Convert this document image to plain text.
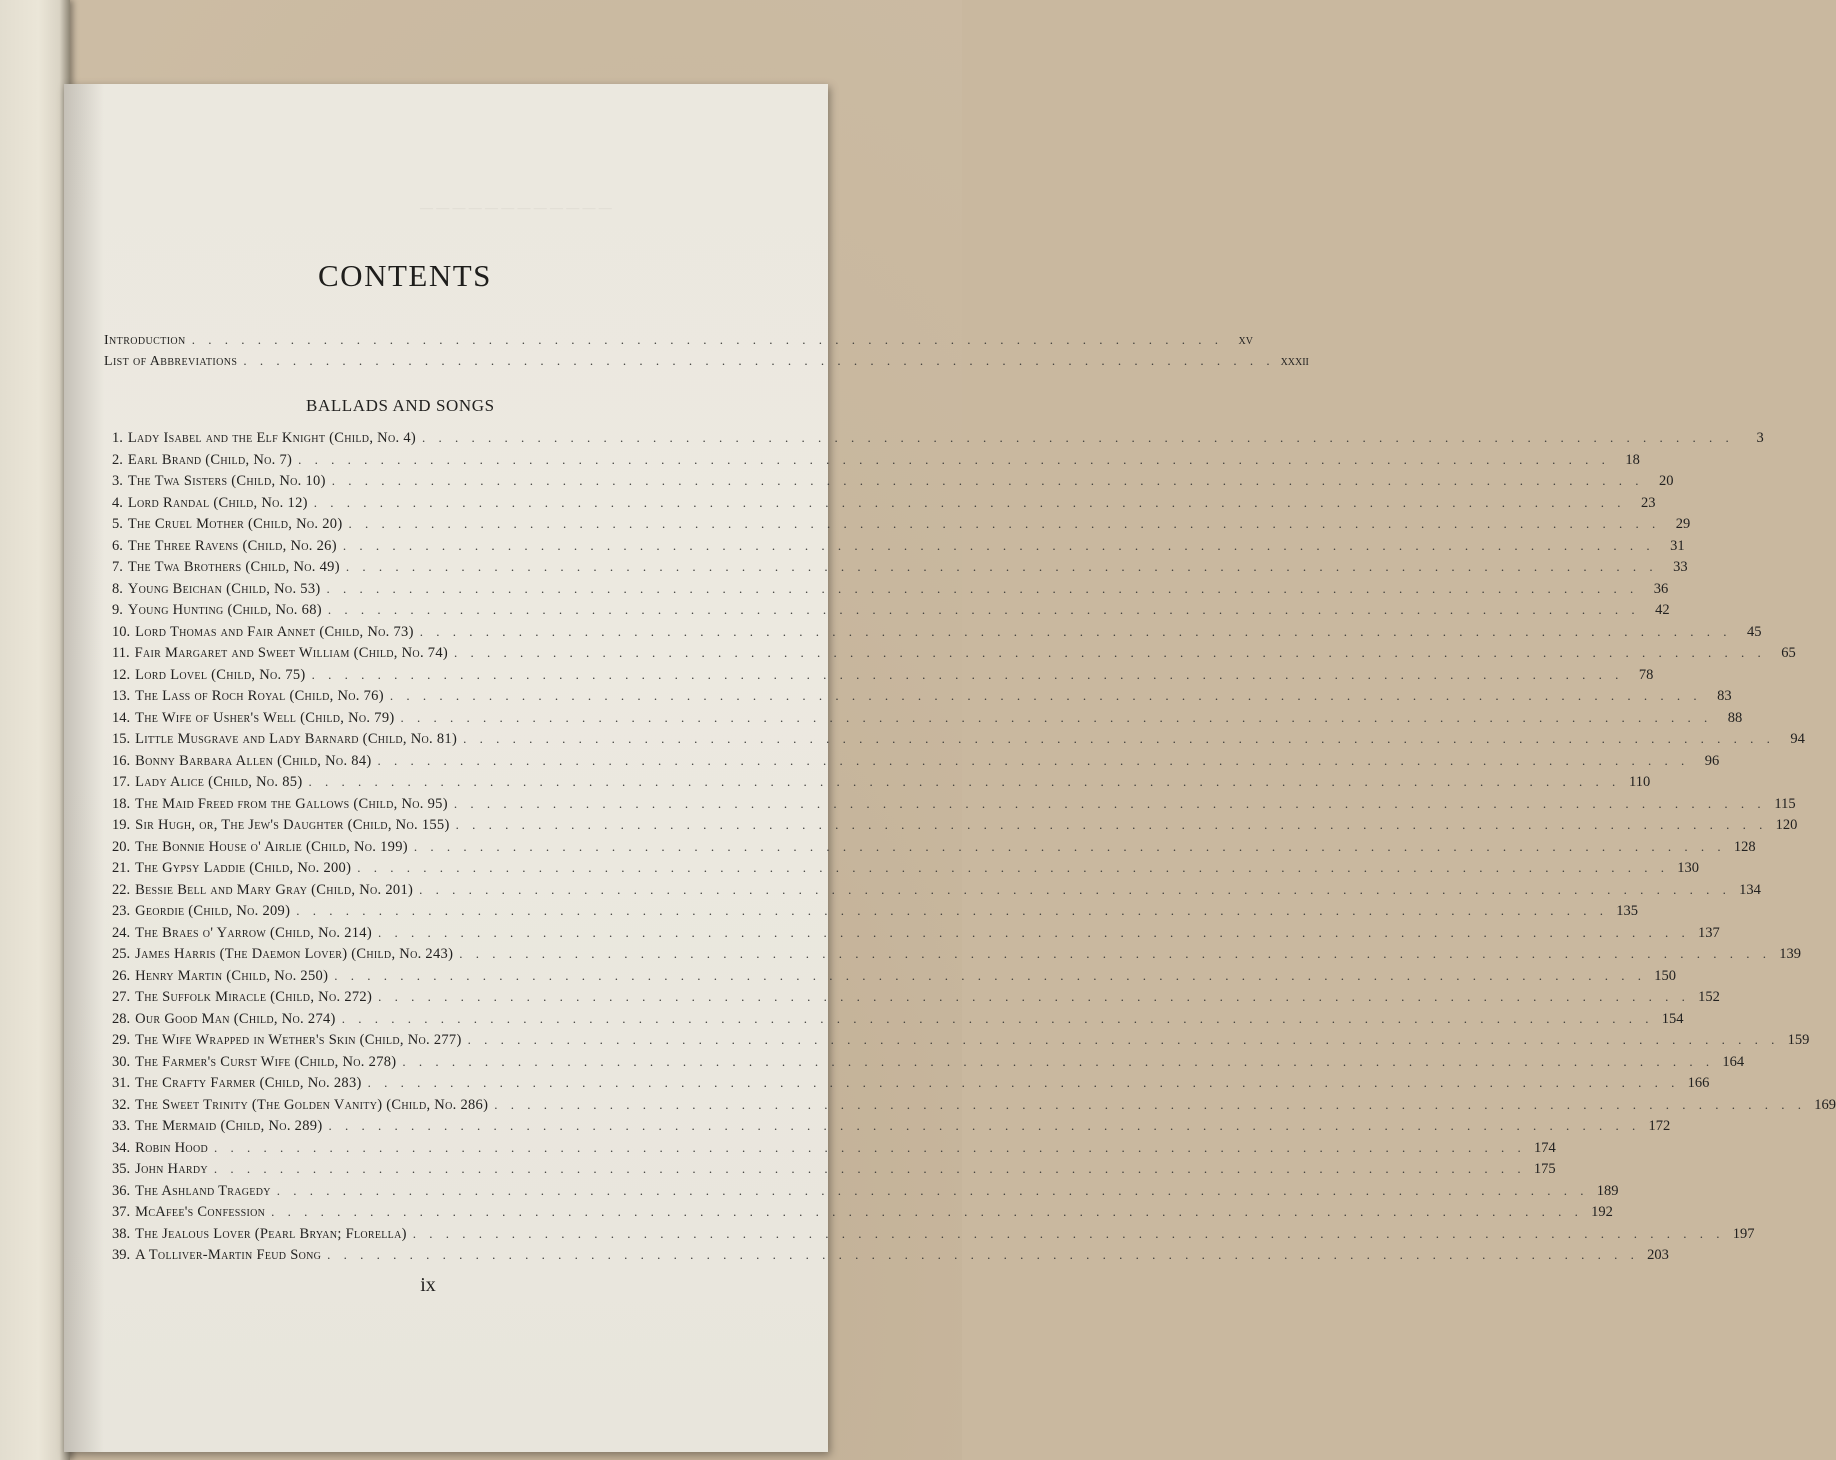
— — — — — — — — — — — —
CONTENTS
Introduction . . . . . . . . . . . . . . . . . . . . . . . . . . . . . . . . . . . . . . . . . . . . . . . . . . . . . . . . . . . . . . .	xv
List of Abbreviations . . . . . . . . . . . . . . . . . . . . . . . . . . . . . . . . . . . . . . . . . . . . . . . . . . . . . . . . . . . . . . . xxxii
BALLADS AND SONGS
1. Lady Isabel and the Elf Knight (Child, No. 4) . . . . . . . . . . . . . . . . . . . . . . . . . . . . . . . . . . . . . . . . . . . . . . . . . . . . . . . . . . . . . . . . . . . . . . . . . . . . . . . .	3
2. Earl Brand (Child, No. 7) . . . . . . . . . . . . . . . . . . . . . . . . . . . . . . . . . . . . . . . . . . . . . . . . . . . . . . . . . . . . . . . . . . . . . . . . . . . . . . . .	18
3. The Twa Sisters (Child, No. 10) . . . . . . . . . . . . . . . . . . . . . . . . . . . . . . . . . . . . . . . . . . . . . . . . . . . . . . . . . . . . . . . . . . . . . . . . . . . . . . . .	20
4. Lord Randal (Child, No. 12) . . . . . . . . . . . . . . . . . . . . . . . . . . . . . . . . . . . . . . . . . . . . . . . . . . . . . . . . . . . . . . . . . . . . . . . . . . . . . . . .	23
5. The Cruel Mother (Child, No. 20) . . . . . . . . . . . . . . . . . . . . . . . . . . . . . . . . . . . . . . . . . . . . . . . . . . . . . . . . . . . . . . . . . . . . . . . . . . . . . . . .	29
6. The Three Ravens (Child, No. 26) . . . . . . . . . . . . . . . . . . . . . . . . . . . . . . . . . . . . . . . . . . . . . . . . . . . . . . . . . . . . . . . . . . . . . . . . . . . . . . . .	31
7. The Twa Brothers (Child, No. 49) . . . . . . . . . . . . . . . . . . . . . . . . . . . . . . . . . . . . . . . . . . . . . . . . . . . . . . . . . . . . . . . . . . . . . . . . . . . . . . . .	33
8. Young Beichan (Child, No. 53) . . . . . . . . . . . . . . . . . . . . . . . . . . . . . . . . . . . . . . . . . . . . . . . . . . . . . . . . . . . . . . . . . . . . . . . . . . . . . . . .	36
9. Young Hunting (Child, No. 68) . . . . . . . . . . . . . . . . . . . . . . . . . . . . . . . . . . . . . . . . . . . . . . . . . . . . . . . . . . . . . . . . . . . . . . . . . . . . . . . .	42
10. Lord Thomas and Fair Annet (Child, No. 73) . . . . . . . . . . . . . . . . . . . . . . . . . . . . . . . . . . . . . . . . . . . . . . . . . . . . . . . . . . . . . . . . . . . . . . . . . . . . . . . .	45
11. Fair Margaret and Sweet William (Child, No. 74) . . . . . . . . . . . . . . . . . . . . . . . . . . . . . . . . . . . . . . . . . . . . . . . . . . . . . . . . . . . . . . . . . . . . . . . . . . . . . . . .	65
12. Lord Lovel (Child, No. 75) . . . . . . . . . . . . . . . . . . . . . . . . . . . . . . . . . . . . . . . . . . . . . . . . . . . . . . . . . . . . . . . . . . . . . . . . . . . . . . . .	78
13. The Lass of Roch Royal (Child, No. 76) . . . . . . . . . . . . . . . . . . . . . . . . . . . . . . . . . . . . . . . . . . . . . . . . . . . . . . . . . . . . . . . . . . . . . . . . . . . . . . . .	83
14. The Wife of Usher's Well (Child, No. 79) . . . . . . . . . . . . . . . . . . . . . . . . . . . . . . . . . . . . . . . . . . . . . . . . . . . . . . . . . . . . . . . . . . . . . . . . . . . . . . . .	88
15. Little Musgrave and Lady Barnard (Child, No. 81) . . . . . . . . . . . . . . . . . . . . . . . . . . . . . . . . . . . . . . . . . . . . . . . . . . . . . . . . . . . . . . . . . . . . . . . . . . . . . . . .	94
16. Bonny Barbara Allen (Child, No. 84) . . . . . . . . . . . . . . . . . . . . . . . . . . . . . . . . . . . . . . . . . . . . . . . . . . . . . . . . . . . . . . . . . . . . . . . . . . . . . . . .	96
17. Lady Alice (Child, No. 85) . . . . . . . . . . . . . . . . . . . . . . . . . . . . . . . . . . . . . . . . . . . . . . . . . . . . . . . . . . . . . . . . . . . . . . . . . . . . . . . . 110
18. The Maid Freed from the Gallows (Child, No. 95) . . . . . . . . . . . . . . . . . . . . . . . . . . . . . . . . . . . . . . . . . . . . . . . . . . . . . . . . . . . . . . . . . . . . . . . . . . . . . . . . 115
19. Sir Hugh, or, The Jew's Daughter (Child, No. 155) . . . . . . . . . . . . . . . . . . . . . . . . . . . . . . . . . . . . . . . . . . . . . . . . . . . . . . . . . . . . . . . . . . . . . . . . . . . . . . . . 120
20. The Bonnie House o' Airlie (Child, No. 199) . . . . . . . . . . . . . . . . . . . . . . . . . . . . . . . . . . . . . . . . . . . . . . . . . . . . . . . . . . . . . . . . . . . . . . . . . . . . . . . . 128
21. The Gypsy Laddie (Child, No. 200) . . . . . . . . . . . . . . . . . . . . . . . . . . . . . . . . . . . . . . . . . . . . . . . . . . . . . . . . . . . . . . . . . . . . . . . . . . . . . . . . 130
22. Bessie Bell and Mary Gray (Child, No. 201) . . . . . . . . . . . . . . . . . . . . . . . . . . . . . . . . . . . . . . . . . . . . . . . . . . . . . . . . . . . . . . . . . . . . . . . . . . . . . . . . 134
23. Geordie (Child, No. 209) . . . . . . . . . . . . . . . . . . . . . . . . . . . . . . . . . . . . . . . . . . . . . . . . . . . . . . . . . . . . . . . . . . . . . . . . . . . . . . . . 135
24. The Braes o' Yarrow (Child, No. 214) . . . . . . . . . . . . . . . . . . . . . . . . . . . . . . . . . . . . . . . . . . . . . . . . . . . . . . . . . . . . . . . . . . . . . . . . . . . . . . . . 137
25. James Harris (The Daemon Lover) (Child, No. 243) . . . . . . . . . . . . . . . . . . . . . . . . . . . . . . . . . . . . . . . . . . . . . . . . . . . . . . . . . . . . . . . . . . . . . . . . . . . . . . . . 139
26. Henry Martin (Child, No. 250) . . . . . . . . . . . . . . . . . . . . . . . . . . . . . . . . . . . . . . . . . . . . . . . . . . . . . . . . . . . . . . . . . . . . . . . . . . . . . . . . 150
27. The Suffolk Miracle (Child, No. 272) . . . . . . . . . . . . . . . . . . . . . . . . . . . . . . . . . . . . . . . . . . . . . . . . . . . . . . . . . . . . . . . . . . . . . . . . . . . . . . . . 152
28. Our Good Man (Child, No. 274) . . . . . . . . . . . . . . . . . . . . . . . . . . . . . . . . . . . . . . . . . . . . . . . . . . . . . . . . . . . . . . . . . . . . . . . . . . . . . . . . 154
29. The Wife Wrapped in Wether's Skin (Child, No. 277) . . . . . . . . . . . . . . . . . . . . . . . . . . . . . . . . . . . . . . . . . . . . . . . . . . . . . . . . . . . . . . . . . . . . . . . . . . . . . . . . 159
30. The Farmer's Curst Wife (Child, No. 278) . . . . . . . . . . . . . . . . . . . . . . . . . . . . . . . . . . . . . . . . . . . . . . . . . . . . . . . . . . . . . . . . . . . . . . . . . . . . . . . . 164
31. The Crafty Farmer (Child, No. 283) . . . . . . . . . . . . . . . . . . . . . . . . . . . . . . . . . . . . . . . . . . . . . . . . . . . . . . . . . . . . . . . . . . . . . . . . . . . . . . . . 166
32. The Sweet Trinity (The Golden Vanity) (Child, No. 286) . . . . . . . . . . . . . . . . . . . . . . . . . . . . . . . . . . . . . . . . . . . . . . . . . . . . . . . . . . . . . . . . . . . . . . . . . . . . . . . . 169
33. The Mermaid (Child, No. 289) . . . . . . . . . . . . . . . . . . . . . . . . . . . . . . . . . . . . . . . . . . . . . . . . . . . . . . . . . . . . . . . . . . . . . . . . . . . . . . . . 172
34. Robin Hood . . . . . . . . . . . . . . . . . . . . . . . . . . . . . . . . . . . . . . . . . . . . . . . . . . . . . . . . . . . . . . . . . . . . . . . . . . . . . . . . 174
35. John Hardy . . . . . . . . . . . . . . . . . . . . . . . . . . . . . . . . . . . . . . . . . . . . . . . . . . . . . . . . . . . . . . . . . . . . . . . . . . . . . . . . 175
36. The Ashland Tragedy . . . . . . . . . . . . . . . . . . . . . . . . . . . . . . . . . . . . . . . . . . . . . . . . . . . . . . . . . . . . . . . . . . . . . . . . . . . . . . . . 189
37. McAfee's Confession . . . . . . . . . . . . . . . . . . . . . . . . . . . . . . . . . . . . . . . . . . . . . . . . . . . . . . . . . . . . . . . . . . . . . . . . . . . . . . . . 192
38. The Jealous Lover (Pearl Bryan; Florella) . . . . . . . . . . . . . . . . . . . . . . . . . . . . . . . . . . . . . . . . . . . . . . . . . . . . . . . . . . . . . . . . . . . . . . . . . . . . . . . . 197
39. A Tolliver-Martin Feud Song . . . . . . . . . . . . . . . . . . . . . . . . . . . . . . . . . . . . . . . . . . . . . . . . . . . . . . . . . . . . . . . . . . . . . . . . . . . . . . . . 203
ix
